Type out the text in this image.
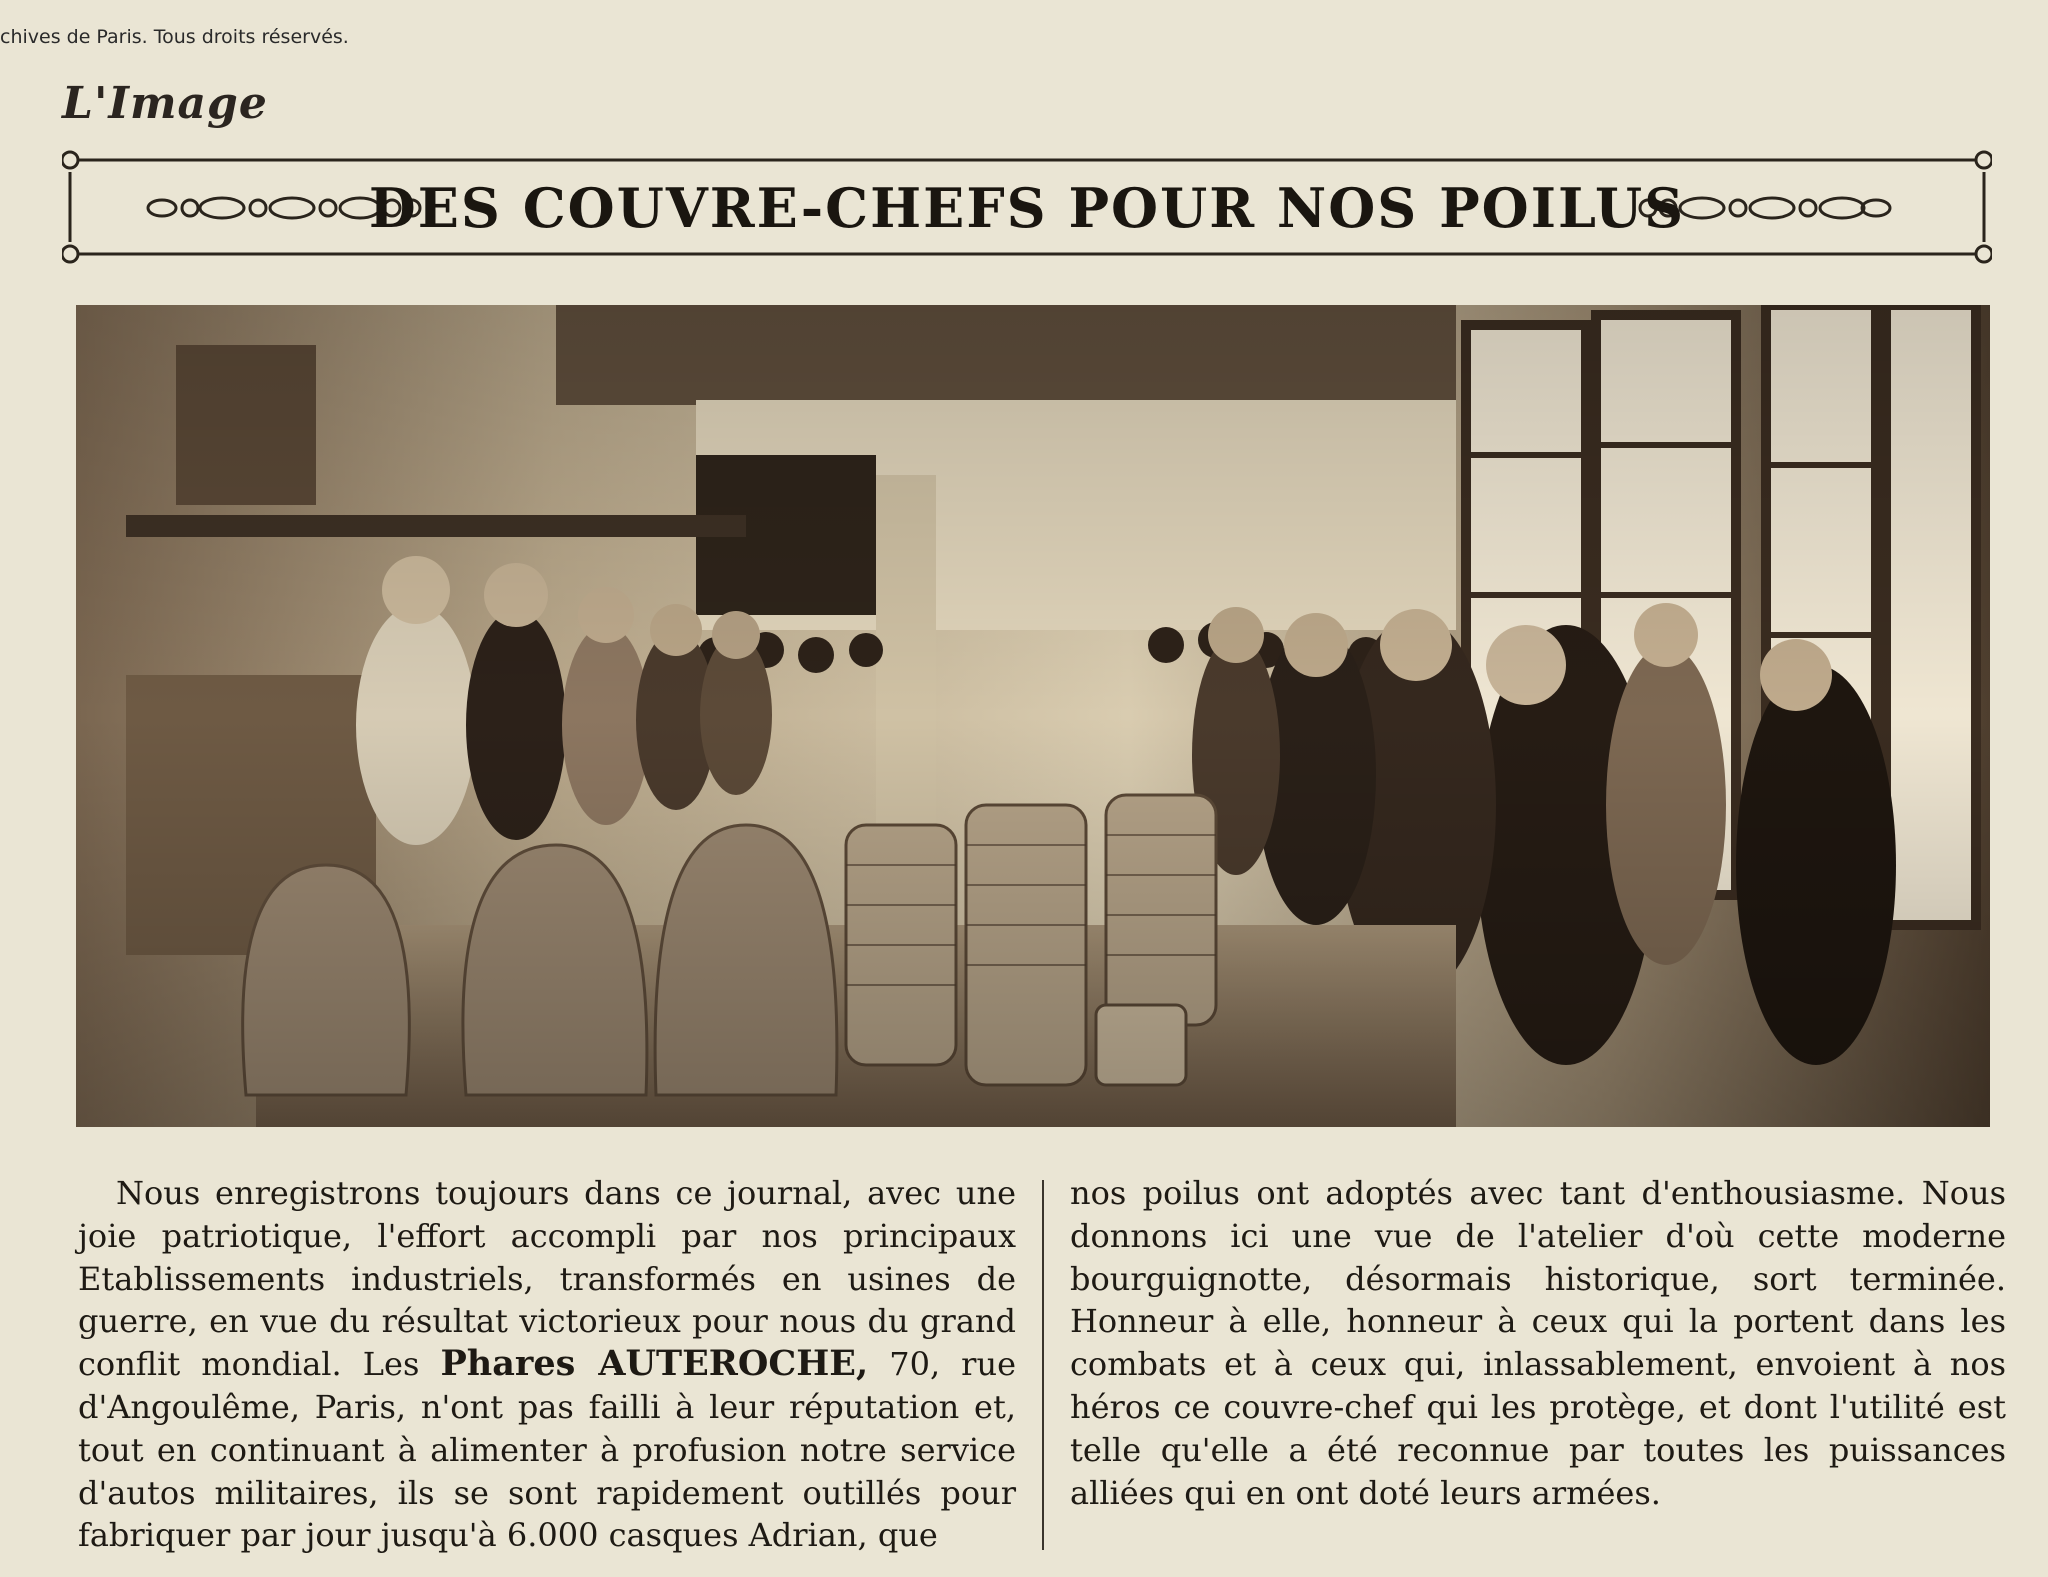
chives de Paris. Tous droits réservés.
L'Image
DES COUVRE-CHEFS POUR NOS POILUS
Nous enregistrons toujours dans ce journal, avec une joie patriotique, l'effort accompli par nos principaux Etablissements industriels, transformés en usines de guerre, en vue du résultat victorieux pour nous du grand conflit mondial. Les Phares AUTEROCHE, 70, rue d'Angoulême, Paris, n'ont pas failli à leur réputation et, tout en continuant à alimenter à profusion notre service d'autos militaires, ils se sont rapidement outillés pour fabriquer par jour jusqu'à 6.000 casques Adrian, que
nos poilus ont adoptés avec tant d'enthousiasme. Nous donnons ici une vue de l'atelier d'où cette moderne bourguignotte, désormais historique, sort terminée. Honneur à elle, honneur à ceux qui la portent dans les combats et à ceux qui, inlassablement, envoient à nos héros ce couvre-chef qui les protège, et dont l'utilité est telle qu'elle a été reconnue par toutes les puissances alliées qui en ont doté leurs armées.
